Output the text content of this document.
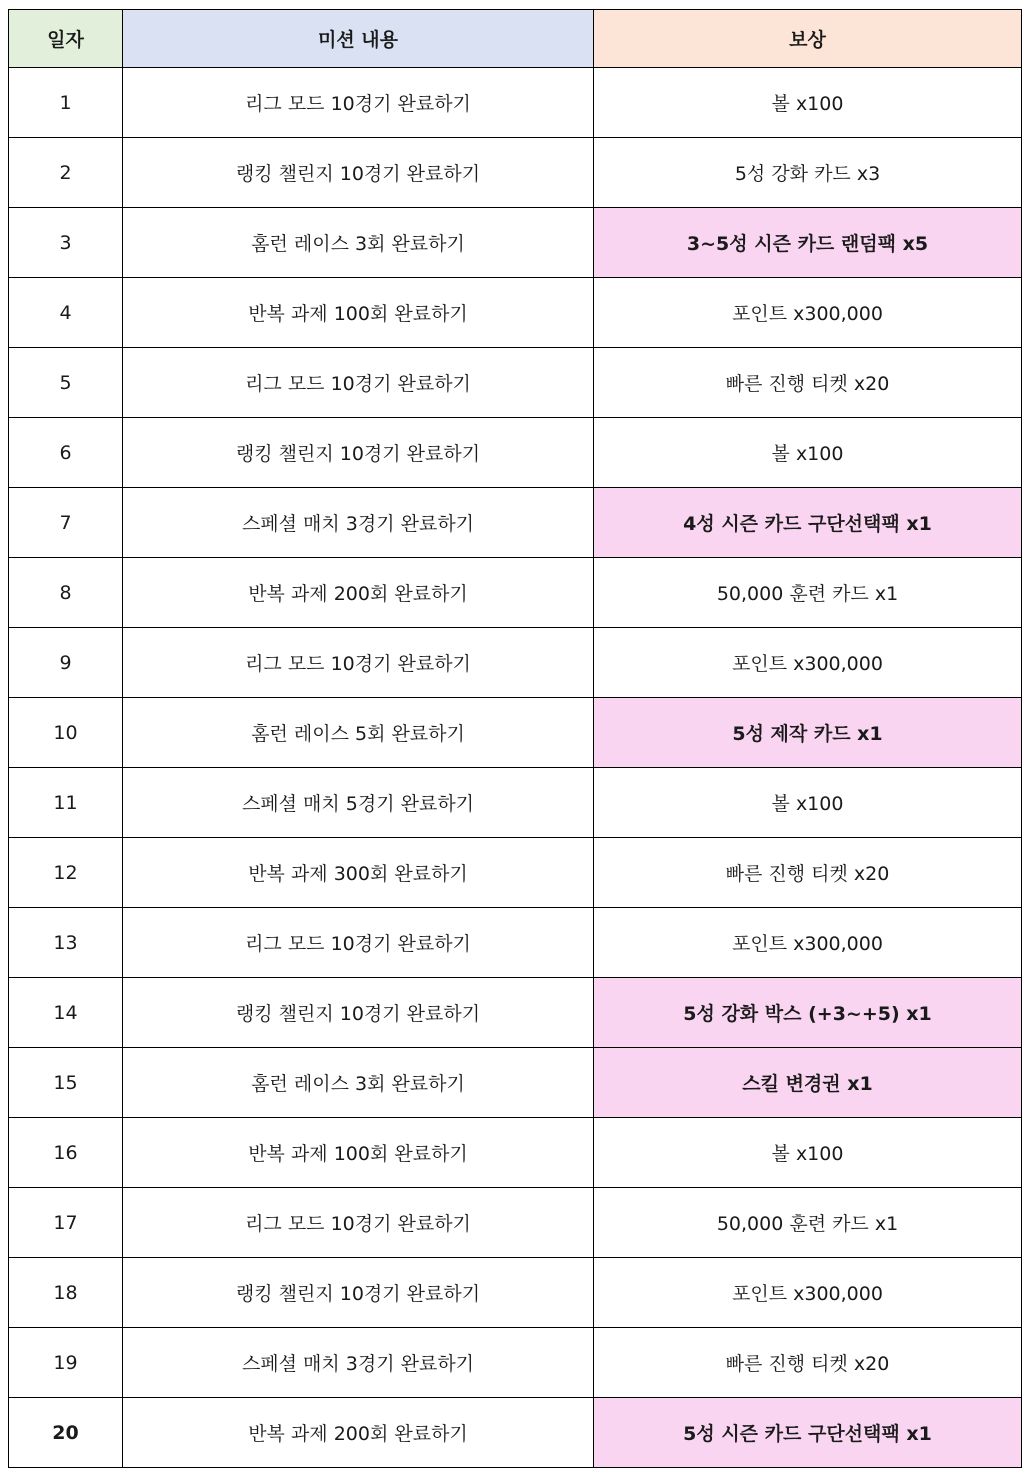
일자	미션 내용	보상
1	리그 모드 10경기 완료하기	볼 x100
2	랭킹 챌린지 10경기 완료하기	5성 강화 카드 x3
3	홈런 레이스 3회 완료하기	3~5성 시즌 카드 랜덤팩 x5
4	반복 과제 100회 완료하기	포인트 x300,000
5	리그 모드 10경기 완료하기	빠른 진행 티켓 x20
6	랭킹 챌린지 10경기 완료하기	볼 x100
7	스페셜 매치 3경기 완료하기	4성 시즌 카드 구단선택팩 x1
8	반복 과제 200회 완료하기	50,000 훈련 카드 x1
9	리그 모드 10경기 완료하기	포인트 x300,000
10	홈런 레이스 5회 완료하기	5성 제작 카드 x1
11	스페셜 매치 5경기 완료하기	볼 x100
12	반복 과제 300회 완료하기	빠른 진행 티켓 x20
13	리그 모드 10경기 완료하기	포인트 x300,000
14	랭킹 챌린지 10경기 완료하기	5성 강화 박스 (+3~+5) x1
15	홈런 레이스 3회 완료하기	스킬 변경권 x1
16	반복 과제 100회 완료하기	볼 x100
17	리그 모드 10경기 완료하기	50,000 훈련 카드 x1
18	랭킹 챌린지 10경기 완료하기	포인트 x300,000
19	스페셜 매치 3경기 완료하기	빠른 진행 티켓 x20
20	반복 과제 200회 완료하기	5성 시즌 카드 구단선택팩 x1
